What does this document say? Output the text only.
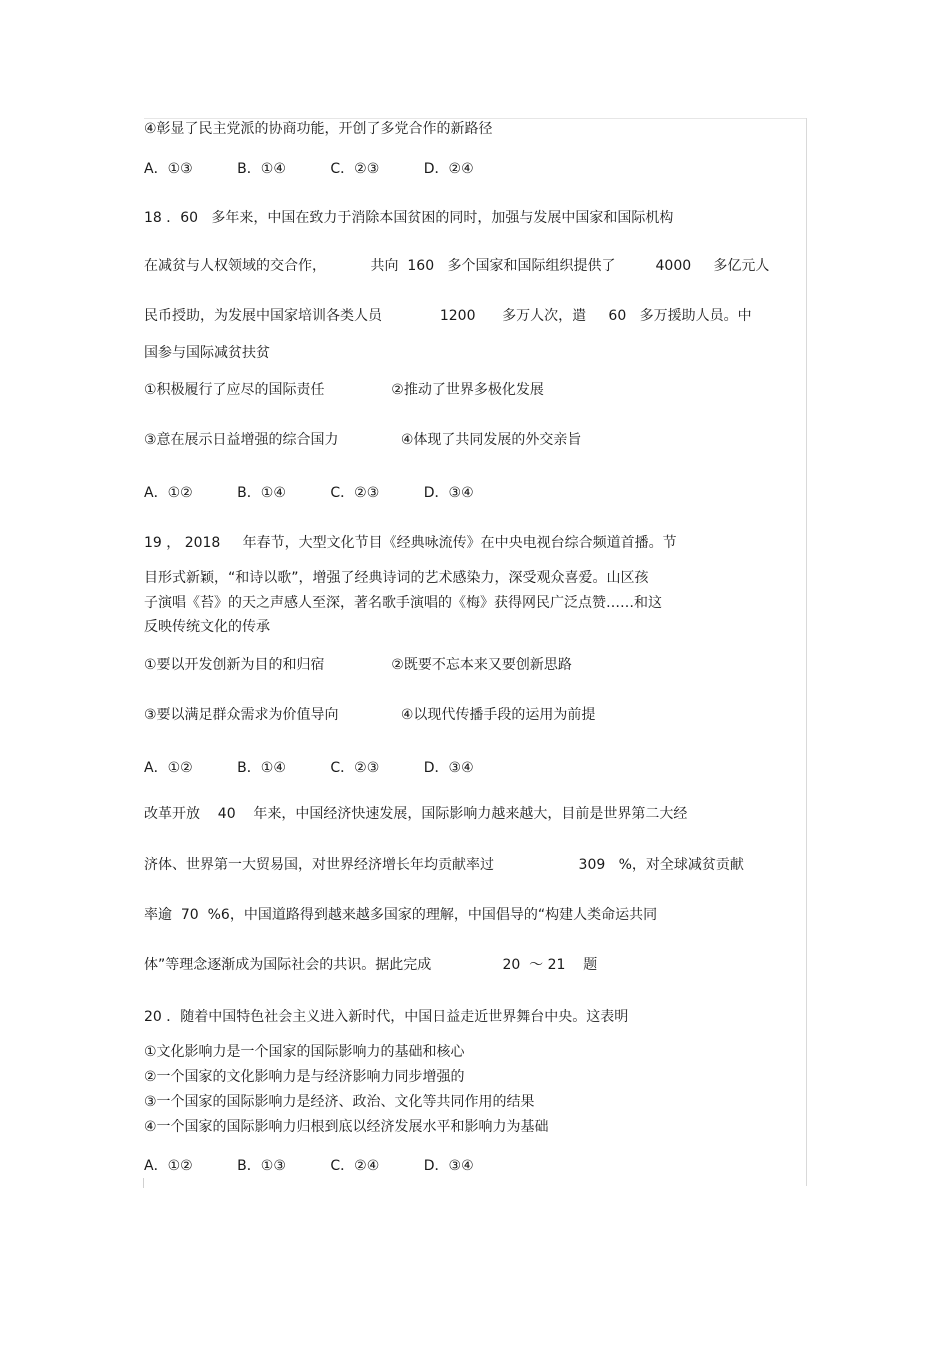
④彰显了民主党派的协商功能，开创了多党合作的新路径
A．①③          B．①④          C．②③          D．②④
18 ．60   多年来，中国在致力于消除本国贫困的同时，加强与发展中国家和国际机构
在减贫与人权领域的交合作，          共向  160   多个国家和国际组织提供了         4000     多亿元人
民币授助，为发展中国家培训各类人员             1200      多万人次，遣     60   多万援助人员。中
国参与国际减贫扶贫
①积极履行了应尽的国际责任               ②推动了世界多极化发展
③意在展示日益增强的综合国力              ④体现了共同发展的外交亲旨
A．①②          B．①④          C．②③          D．③④
19 ， 2018     年春节，大型文化节目《经典咏流传》在中央电视台综合频道首播。节
目形式新颖，“和诗以歌”，增强了经典诗词的艺术感染力，深受观众喜爱。山区孩
子演唱《苔》的天之声感人至深，著名歌手演唱的《梅》获得网民广泛点赞……和这
反映传统文化的传承
①要以开发创新为目的和归宿               ②既要不忘本来又要创新思路
③要以满足群众需求为价值导向              ④以现代传播手段的运用为前提
A．①②          B．①④          C．②③          D．③④
改革开放    40    年来，中国经济快速发展，国际影响力越来越大，目前是世界第二大经
济体、世界第一大贸易国，对世界经济增长年均贡献率过                   309   %，对全球减贫贡献
率逾  70  %6，中国道路得到越来越多国家的理解，中国倡导的“构建人类命运共同
体”等理念逐渐成为国际社会的共识。据此完成                20  ～ 21    题
20 ．随着中国特色社会主义进入新时代，中国日益走近世界舞台中央。这表明
①文化影响力是一个国家的国际影响力的基础和核心
②一个国家的文化影响力是与经济影响力同步增强的
③一个国家的国际影响力是经济、政治、文化等共同作用的结果
④一个国家的国际影响力归根到底以经济发展水平和影响力为基础
A．①②          B．①③          C．②④          D．③④
